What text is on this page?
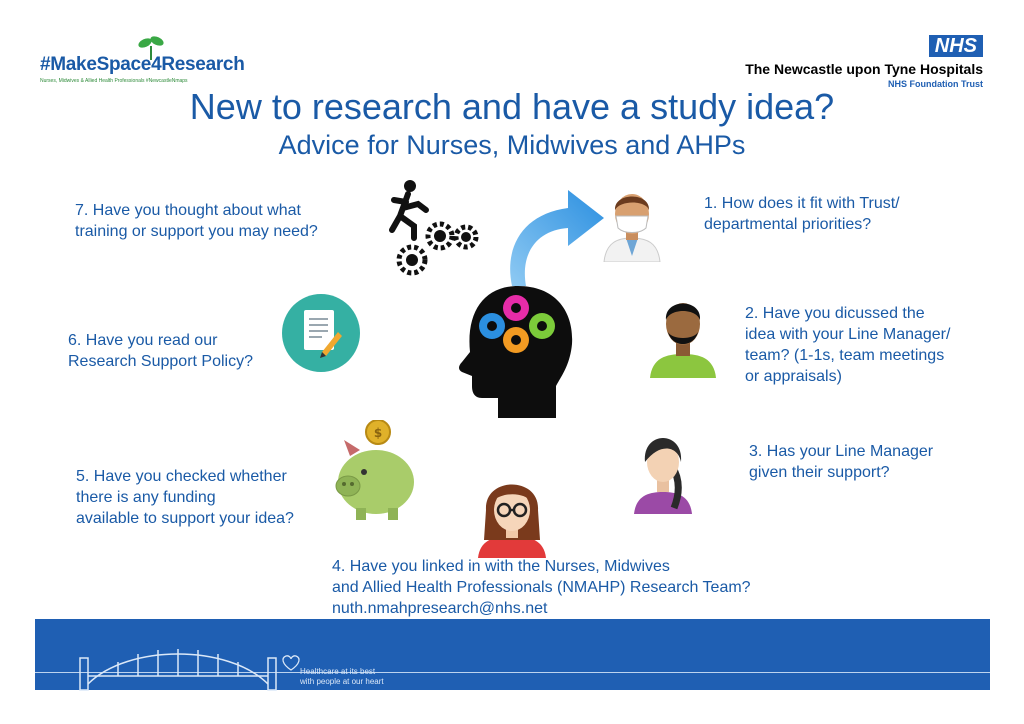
#MakeSpace4Research
Nurses, Midwives & Allied Health Professionals #NewcastleNmaps
NHS
The Newcastle upon Tyne Hospitals
NHS Foundation Trust
New to research and have a study idea?
Advice for Nurses, Midwives and AHPs
7. Have you thought about what
training or support you may need?
1. How does it fit with Trust/
departmental priorities?
6. Have you read our
Research Support Policy?
2. Have you dicussed the
idea with your Line Manager/
team? (1-1s, team meetings
or appraisals)
3. Has your Line Manager
given their support?
$
5. Have you checked whether
there is any funding
available to support your idea?
4. Have you linked in with the Nurses, Midwives
and Allied Health Professionals (NMAHP) Research Team?
nuth.nmahpresearch@nhs.net
Healthcare at its best
with people at our heart
